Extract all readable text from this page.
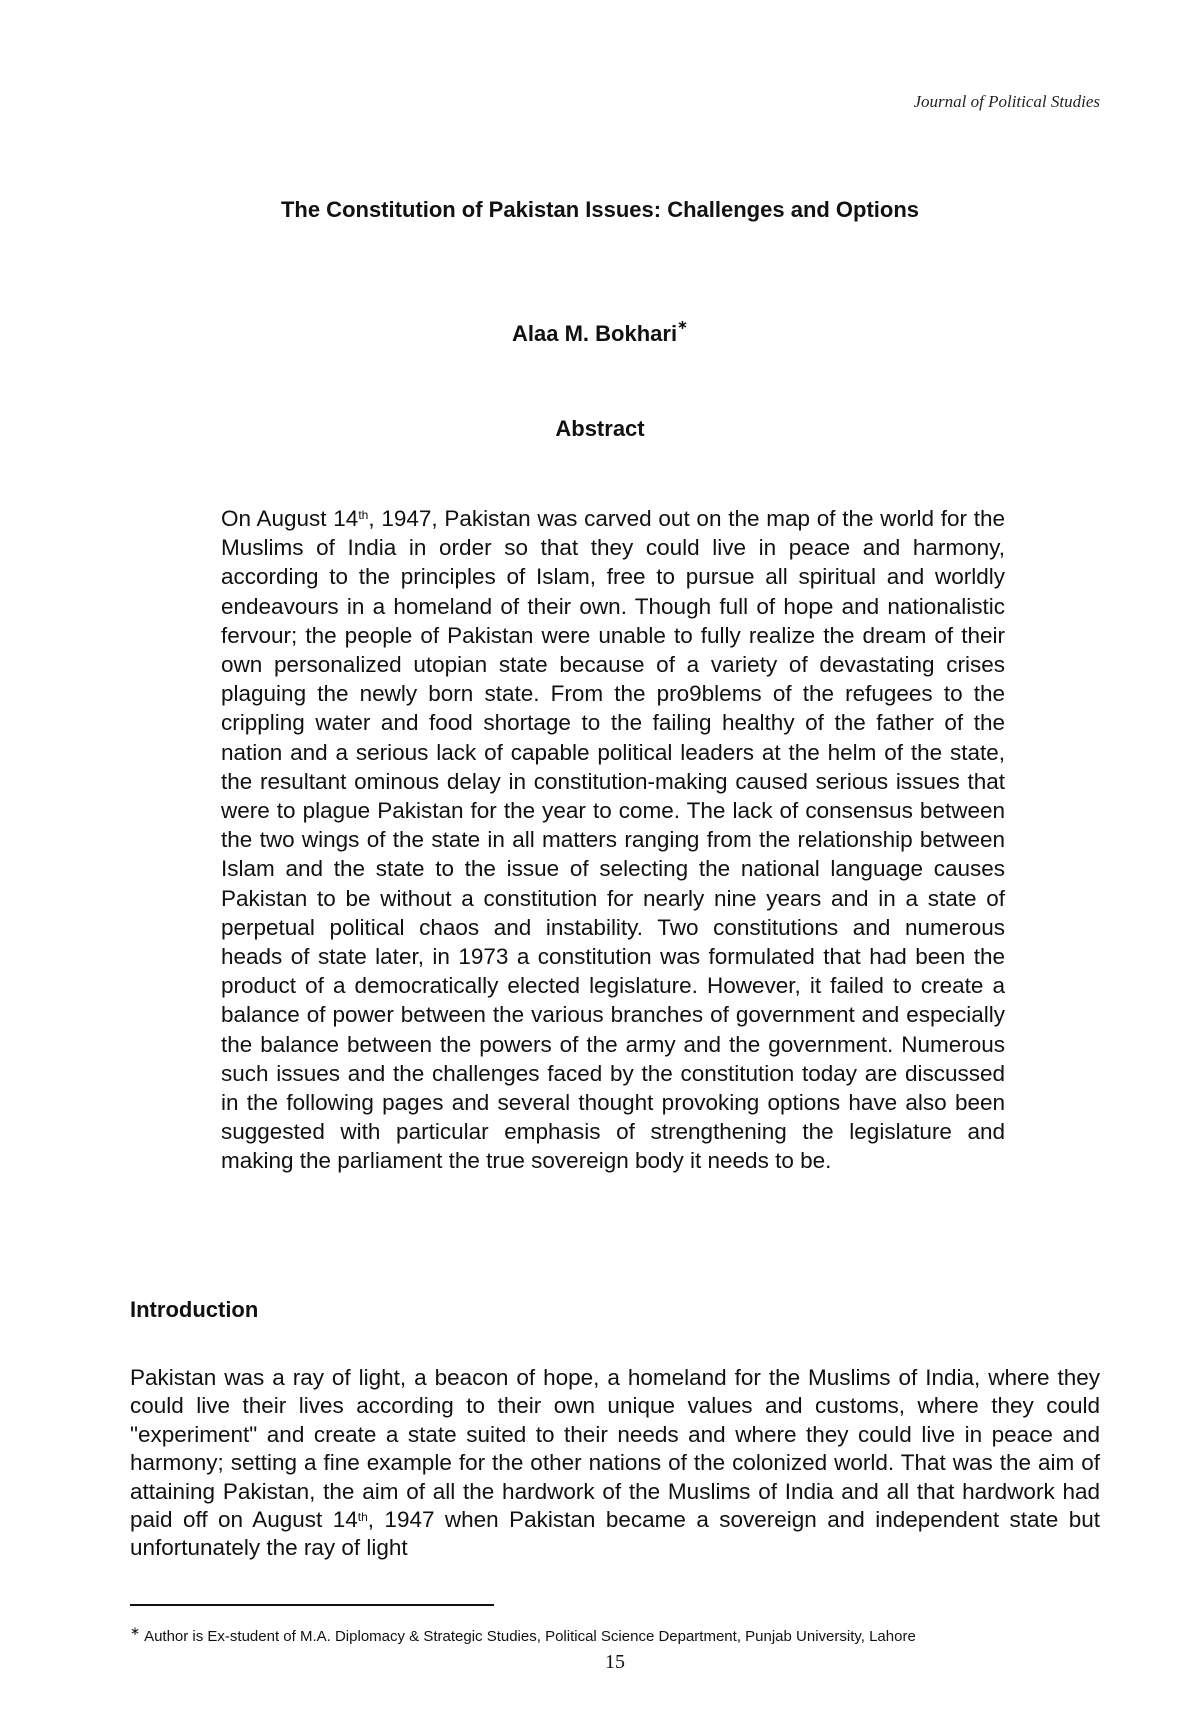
Journal of Political Studies
The Constitution of Pakistan Issues: Challenges and Options
Alaa M. Bokhari∗
Abstract

On August 14th, 1947, Pakistan was carved out on the map of the world for the Muslims of India in order so that they could live in peace and harmony, according to the principles of Islam, free to pursue all spiritual and worldly endeavours in a homeland of their own. Though full of hope and nationalistic fervour; the people of Pakistan were unable to fully realize the dream of their own personalized utopian state because of a variety of devastating crises plaguing the newly born state. From the pro9blems of the refugees to the crippling water and food shortage to the failing healthy of the father of the nation and a serious lack of capable political leaders at the helm of the state, the resultant ominous delay in constitution-making caused serious issues that were to plague Pakistan for the year to come. The lack of consensus between the two wings of the state in all matters ranging from the relationship between Islam and the state to the issue of selecting the national language causes Pakistan to be without a constitution for nearly nine years and in a state of perpetual political chaos and instability. Two constitutions and numerous heads of state later, in 1973 a constitution was formulated that had been the product of a democratically elected legislature. However, it failed to create a balance of power between the various branches of government and especially the balance between the powers of the army and the government. Numerous such issues and the challenges faced by the constitution today are discussed in the following pages and several thought provoking options have also been suggested with particular emphasis of strengthening the legislature and making the parliament the true sovereign body it needs to be.

Introduction

Pakistan was a ray of light, a beacon of hope, a homeland for the Muslims of India, where they could live their lives according to their own unique values and customs, where they could "experiment" and create a state suited to their needs and where they could live in peace and harmony; setting a fine example for the other nations of the colonized world. That was the aim of attaining Pakistan, the aim of all the hardwork of the Muslims of India and all that hardwork had paid off on August 14th, 1947 when Pakistan became a sovereign and independent state but unfortunately the ray of light

∗ Author is Ex-student of M.A. Diplomacy & Strategic Studies, Political Science Department, Punjab University, Lahore
15
